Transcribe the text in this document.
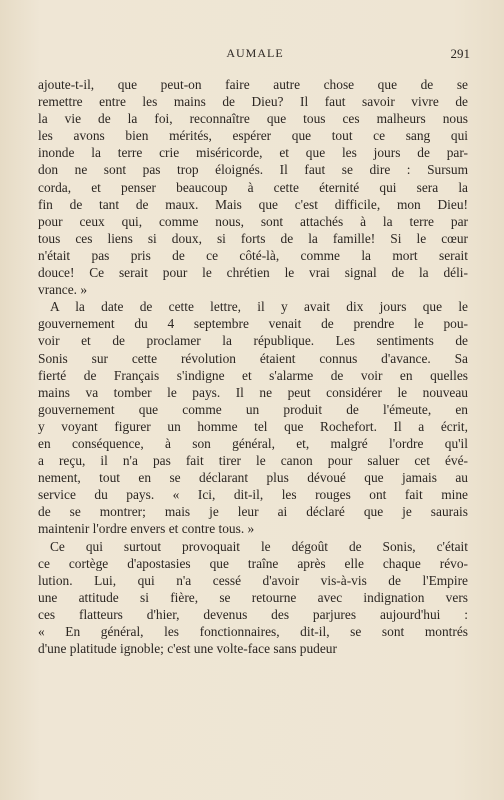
AUMALE	291
ajoute-t-il, que peut-on faire autre chose que de se
remettre entre les mains de Dieu? Il faut savoir vivre de
la vie de la foi, reconnaître que tous ces malheurs nous
les avons bien mérités, espérer que tout ce sang qui
inonde la terre crie miséricorde, et que les jours de par-
don ne sont pas trop éloignés. Il faut se dire : Sursum
corda, et penser beaucoup à cette éternité qui sera la
fin de tant de maux. Mais que c'est difficile, mon Dieu!
pour ceux qui, comme nous, sont attachés à la terre par
tous ces liens si doux, si forts de la famille! Si le cœur
n'était pas pris de ce côté-là, comme la mort serait
douce! Ce serait pour le chrétien le vrai signal de la déli-
vrance. »
A la date de cette lettre, il y avait dix jours que le
gouvernement du 4 septembre venait de prendre le pou-
voir et de proclamer la république. Les sentiments de
Sonis sur cette révolution étaient connus d'avance. Sa
fierté de Français s'indigne et s'alarme de voir en quelles
mains va tomber le pays. Il ne peut considérer le nouveau
gouvernement que comme un produit de l'émeute, en
y voyant figurer un homme tel que Rochefort. Il a écrit,
en conséquence, à son général, et, malgré l'ordre qu'il
a reçu, il n'a pas fait tirer le canon pour saluer cet évé-
nement, tout en se déclarant plus dévoué que jamais au
service du pays. « Ici, dit-il, les rouges ont fait mine
de se montrer; mais je leur ai déclaré que je saurais
maintenir l'ordre envers et contre tous. »
Ce qui surtout provoquait le dégoût de Sonis, c'était
ce cortège d'apostasies que traîne après elle chaque révo-
lution. Lui, qui n'a cessé d'avoir vis-à-vis de l'Empire
une attitude si fière, se retourne avec indignation vers
ces flatteurs d'hier, devenus des parjures aujourd'hui :
« En général, les fonctionnaires, dit-il, se sont montrés
d'une platitude ignoble; c'est une volte-face sans pudeur
